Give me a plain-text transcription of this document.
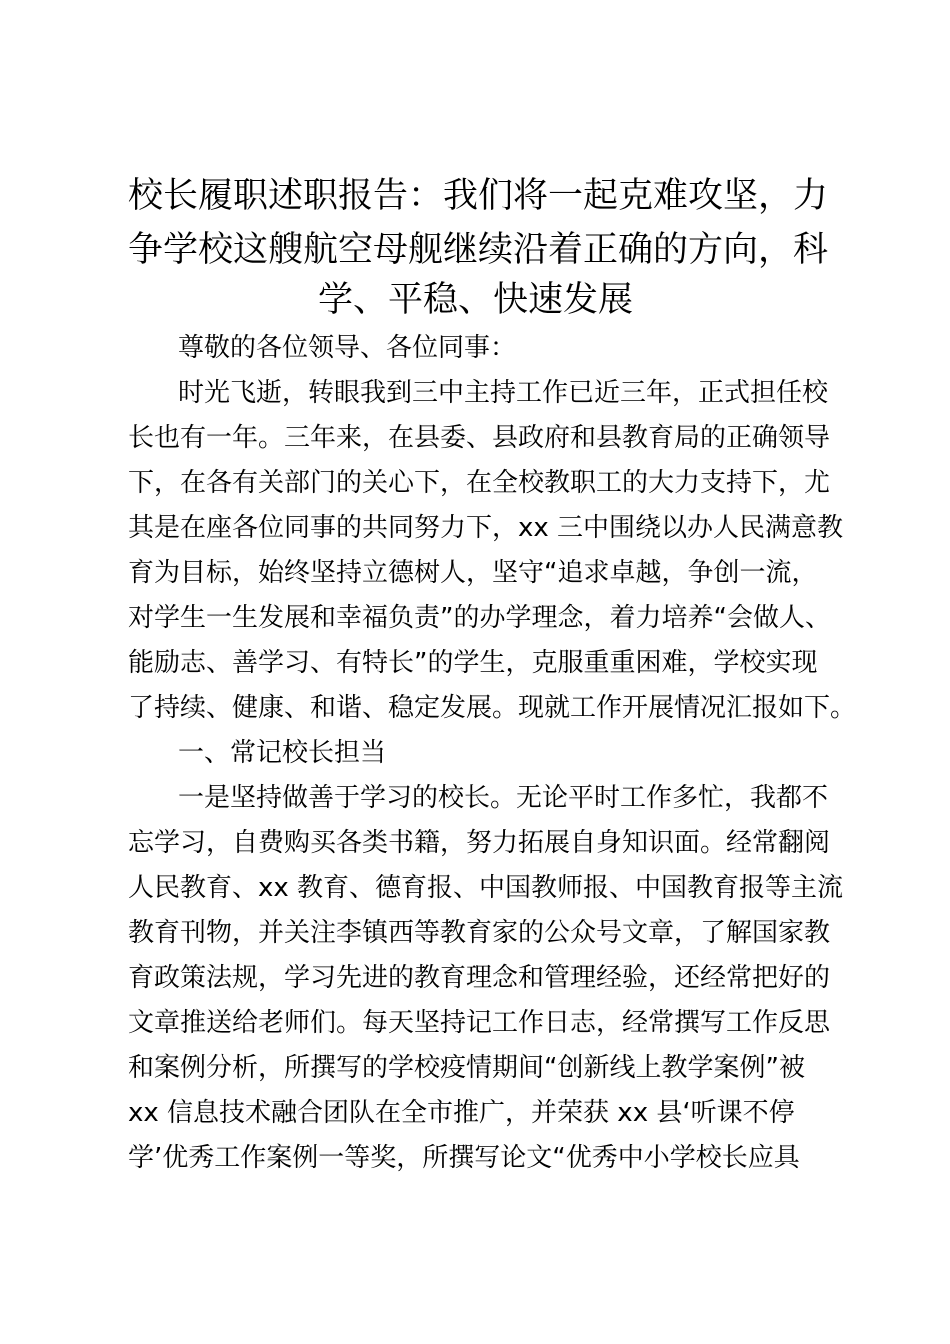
校长履职述职报告：我们将一起克难攻坚，力
争学校这艘航空母舰继续沿着正确的方向，科
学、平稳、快速发展
尊敬的各位领导、各位同事：
时光飞逝，转眼我到三中主持工作已近三年，正式担任校
长也有一年。三年来，在县委、县政府和县教育局的正确领导
下，在各有关部门的关心下，在全校教职工的大力支持下，尤
其是在座各位同事的共同努力下，xx 三中围绕以办人民满意教
育为目标，始终坚持立德树人，坚守“追求卓越，争创一流，
对学生一生发展和幸福负责”的办学理念，着力培养“会做人、
能励志、善学习、有特长”的学生，克服重重困难，学校实现
了持续、健康、和谐、稳定发展。现就工作开展情况汇报如下。
一、常记校长担当
一是坚持做善于学习的校长。无论平时工作多忙，我都不
忘学习，自费购买各类书籍，努力拓展自身知识面。经常翻阅
人民教育、xx 教育、德育报、中国教师报、中国教育报等主流
教育刊物，并关注李镇西等教育家的公众号文章，了解国家教
育政策法规，学习先进的教育理念和管理经验，还经常把好的
文章推送给老师们。每天坚持记工作日志，经常撰写工作反思
和案例分析，所撰写的学校疫情期间“创新线上教学案例”被
xx 信息技术融合团队在全市推广，并荣获 xx 县‘听课不停
学’优秀工作案例一等奖，所撰写论文“优秀中小学校长应具
